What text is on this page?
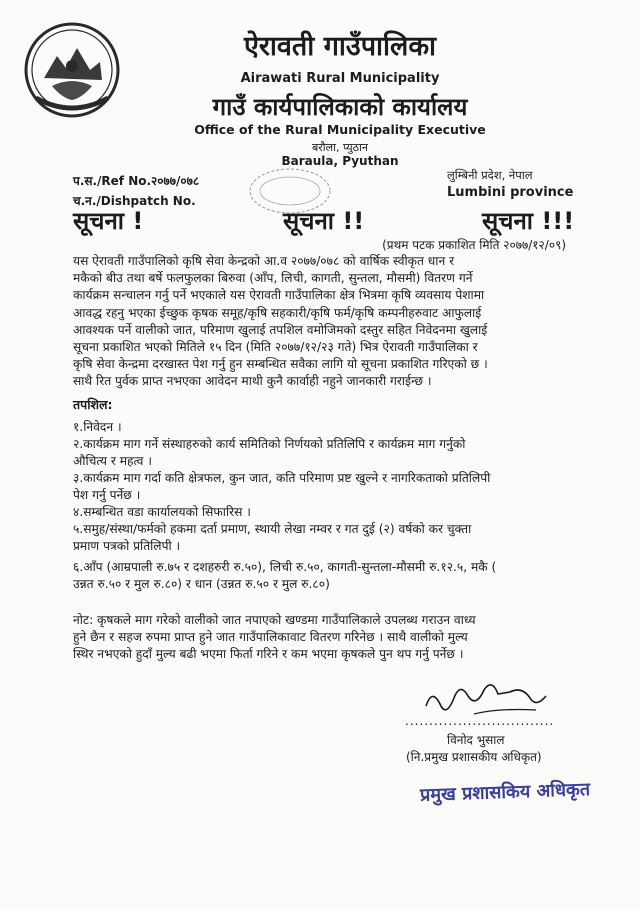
ऐरावती गाउँपालिका
Airawati Rural Municipality
गाउँ कार्यपालिकाको कार्यालय
Office of the Rural Municipality Executive
बरौला, प्युठान
Baraula, Pyuthan
प.स./Ref No.२०७७/०७८
च.न./Dishpatch No.
लुम्बिनी प्रदेश, नेपाल
Lumbini province
सूचना !	सूचना !!	सूचना !!!
(प्रथम पटक प्रकाशित मिति २०७७/१२/०९)
यस ऐरावती गाउँपालिको कृषि सेवा केन्द्रको आ.व २०७७/०७८ को वार्षिक स्वीकृत धान र
मकैको बीउ तथा बर्षे फलफुलका बिरुवा (आँप, लिची, कागती, सुन्तला, मौसमी) वितरण गर्ने
कार्यक्रम सन्चालन गर्नु पर्ने भएकाले यस ऐरावती गाउँपालिका क्षेत्र भित्रमा कृषि व्यवसाय पेशामा
आवद्ध रहनु भएका ईच्छुक कृषक समूह/कृषि सहकारी/कृषि फर्म/कृषि कम्पनीहरुवाट आफुलाई
आवश्यक पर्ने वालीको जात, परिमाण खुलाई तपशिल वमोजिमको दस्तुर सहित निवेदनमा खुलाई
सूचना प्रकाशित भएको मितिले १५ दिन (मिति २०७७/१२/२३ गते) भित्र ऐरावती गाउँपालिका र
कृषि सेवा केन्द्रमा दरखास्त पेश गर्नु हुन सम्बन्धित सवैका लागि यो सूचना प्रकाशित गरिएको छ ।
साथै रित पुर्वक प्राप्त नभएका आवेदन माथी कुनै कार्वाही नहुने जानकारी गराईन्छ ।
तपशिल:
१.निवेदन ।
२.कार्यक्रम माग गर्ने संस्थाहरुको कार्य समितिको निर्णयको प्रतिलिपि र कार्यक्रम माग गर्नुको
औचित्य र महत्व ।
३.कार्यक्रम माग गर्दा कति क्षेत्रफल, कुन जात, कति परिमाण प्रष्ट खुल्ने र नागरिकताको प्रतिलिपी
पेश गर्नु पर्नेछ ।
४.सम्बन्धित वडा कार्यालयको सिफारिस ।
५.समुह/संस्था/फर्मको हकमा दर्ता प्रमाण, स्थायी लेखा नम्वर र गत दुई (२) वर्षको कर चुक्ता
प्रमाण पत्रको प्रतिलिपी ।
६.आँप (आम्रपाली रु.७५ र दशहरुरी रु.५०), लिची रु.५०, कागती-सुन्तला-मौसमी रु.१२.५, मकै (
उन्नत रु.५० र मुल रु.८०) र धान (उन्नत रु.५० र मुल रु.८०)
नोट: कृषकले माग गरेको वालीको जात नपाएको खण्डमा गाउँपालिकाले उपलब्ध गराउन वाध्य
हुने छैन र सहज रुपमा प्राप्त हुने जात गाउँपालिकावाट वितरण गरिनेछ । साथै वालीको मुल्य
स्थिर नभएको हुदाँ मुल्य बढी भएमा फिर्ता गरिने र कम भएमा कृषकले पुन थप गर्नु पर्नेछ ।
...............................
विनोद भुसाल
(नि.प्रमुख प्रशासकीय अधिकृत)
प्रमुख प्रशासकिय अधिकृत
